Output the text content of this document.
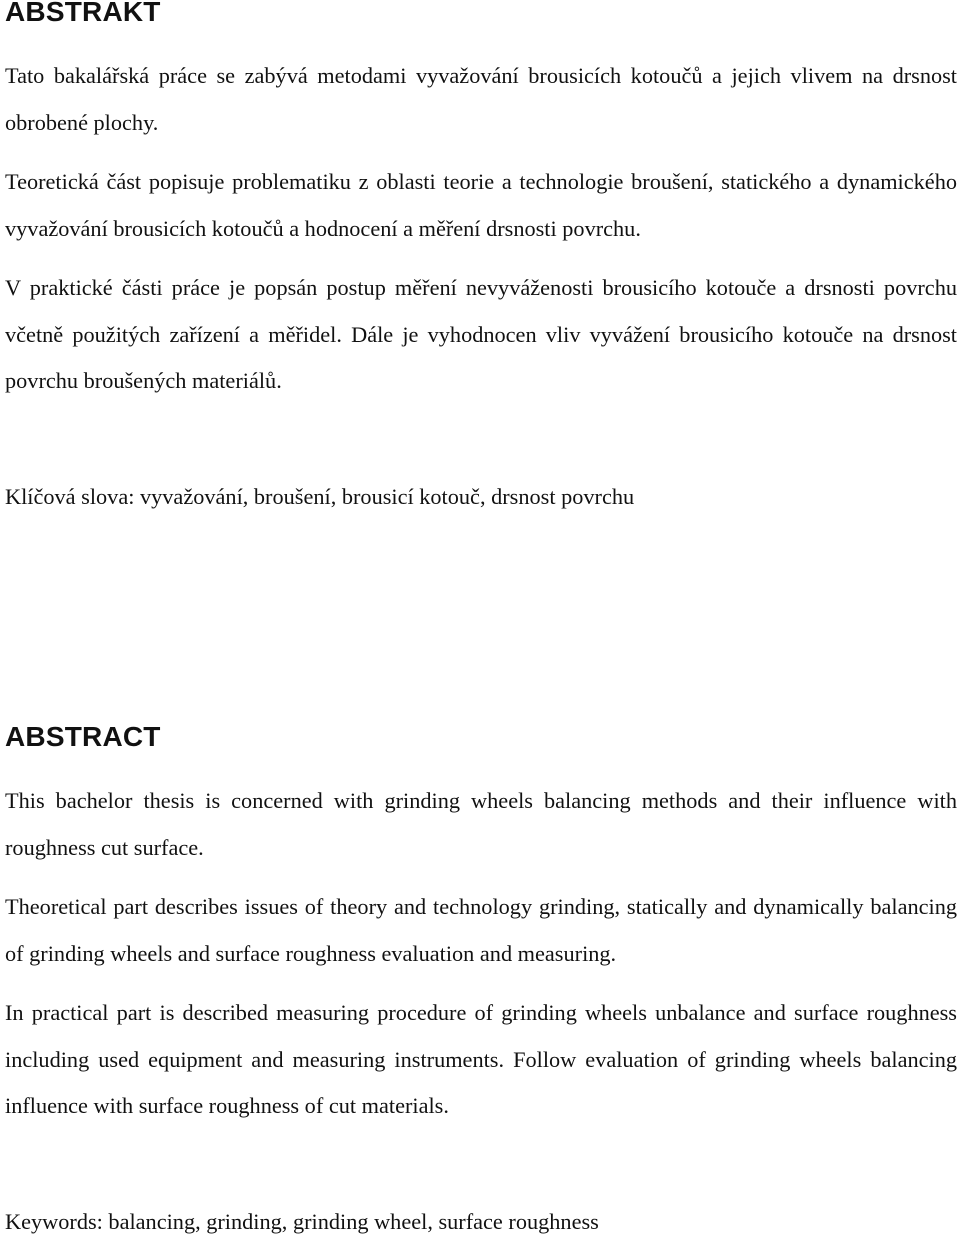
ABSTRAKT

Tato bakalářská práce se zabývá metodami vyvažování brousicích kotoučů a jejich vlivem na drsnost obrobené plochy.

Teoretická část popisuje problematiku z oblasti teorie a technologie broušení, statického a dynamického vyvažování brousicích kotoučů a hodnocení a měření drsnosti povrchu.

V praktické části práce je popsán postup měření nevyváženosti brousicího kotouče a drsnosti povrchu včetně použitých zařízení a měřidel. Dále je vyhodnocen vliv vyvážení brousicího kotouče na drsnost povrchu broušených materiálů.

Klíčová slova: vyvažování, broušení, brousicí kotouč, drsnost povrchu

ABSTRACT

This bachelor thesis is concerned with grinding wheels balancing methods and their influence with roughness cut surface.

Theoretical part describes issues of theory and technology grinding, statically and dynamically balancing of grinding wheels and surface roughness evaluation and measuring.

In practical part is described measuring procedure of grinding wheels unbalance and surface roughness including used equipment and measuring instruments. Follow evaluation of grinding wheels balancing influence with surface roughness of cut materials.

Keywords: balancing, grinding, grinding wheel, surface roughness
